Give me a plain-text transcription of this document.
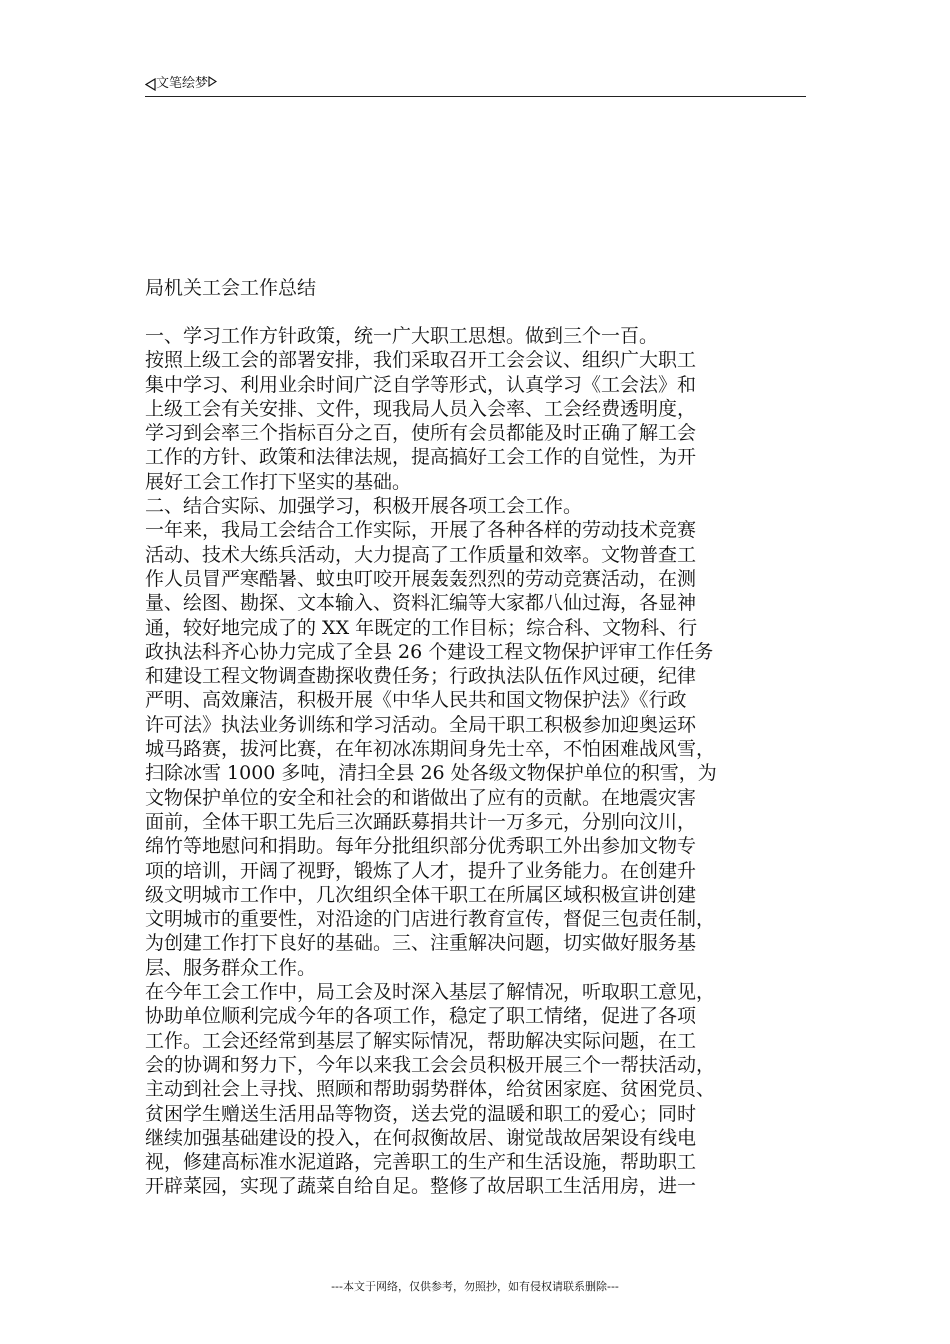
文笔绘梦
局机关工会工作总结
一、学习工作方针政策，统一广大职工思想。做到三个一百。
按照上级工会的部署安排，我们采取召开工会会议、组织广大职工
集中学习、利用业余时间广泛自学等形式，认真学习《工会法》和
上级工会有关安排、文件，现我局人员入会率、工会经费透明度，
学习到会率三个指标百分之百，使所有会员都能及时正确了解工会
工作的方针、政策和法律法规，提高搞好工会工作的自觉性，为开
展好工会工作打下坚实的基础。
二、结合实际、加强学习，积极开展各项工会工作。
一年来，我局工会结合工作实际，开展了各种各样的劳动技术竞赛
活动、技术大练兵活动，大力提高了工作质量和效率。文物普查工
作人员冒严寒酷暑、蚊虫叮咬开展轰轰烈烈的劳动竞赛活动，在测
量、绘图、勘探、文本输入、资料汇编等大家都八仙过海，各显神
通，较好地完成了的 XX 年既定的工作目标；综合科、文物科、行
政执法科齐心协力完成了全县 26 个建设工程文物保护评审工作任务
和建设工程文物调查勘探收费任务；行政执法队伍作风过硬，纪律
严明、高效廉洁，积极开展《中华人民共和国文物保护法》《行政
许可法》执法业务训练和学习活动。全局干职工积极参加迎奥运环
城马路赛，拔河比赛，在年初冰冻期间身先士卒，不怕困难战风雪，
扫除冰雪 1000 多吨，清扫全县 26 处各级文物保护单位的积雪，为
文物保护单位的安全和社会的和谐做出了应有的贡献。在地震灾害
面前，全体干职工先后三次踊跃募捐共计一万多元，分别向汶川，
绵竹等地慰问和捐助。每年分批组织部分优秀职工外出参加文物专
项的培训，开阔了视野，锻炼了人才，提升了业务能力。在创建升
级文明城市工作中，几次组织全体干职工在所属区域积极宣讲创建
文明城市的重要性，对沿途的门店进行教育宣传，督促三包责任制，
为创建工作打下良好的基础。三、注重解决问题，切实做好服务基
层、服务群众工作。
在今年工会工作中，局工会及时深入基层了解情况，听取职工意见，
协助单位顺利完成今年的各项工作，稳定了职工情绪，促进了各项
工作。工会还经常到基层了解实际情况，帮助解决实际问题，在工
会的协调和努力下，今年以来我工会会员积极开展三个一帮扶活动，
主动到社会上寻找、照顾和帮助弱势群体，给贫困家庭、贫困党员、
贫困学生赠送生活用品等物资，送去党的温暖和职工的爱心；同时
继续加强基础建设的投入，在何叔衡故居、谢觉哉故居架设有线电
视，修建高标准水泥道路，完善职工的生产和生活设施，帮助职工
开辟菜园，实现了蔬菜自给自足。整修了故居职工生活用房，进一
---本文于网络，仅供参考，勿照抄，如有侵权请联系删除---
